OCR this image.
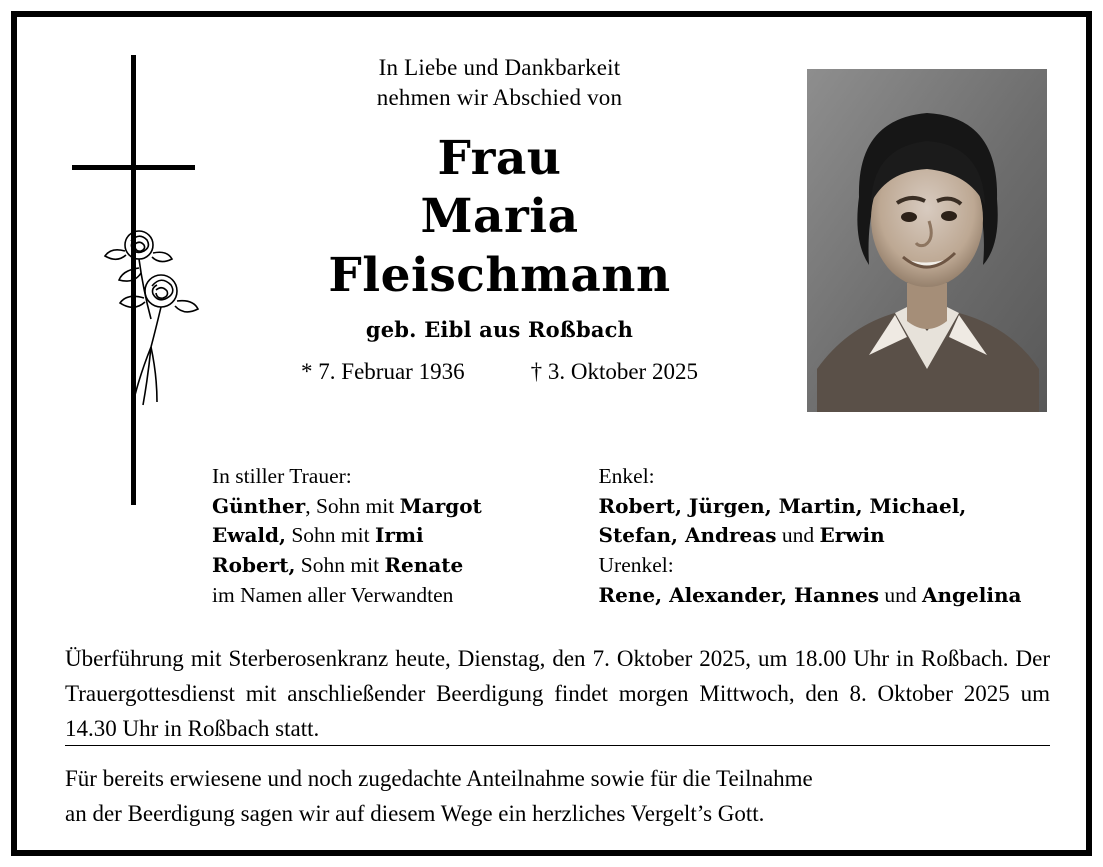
In Liebe und Dankbarkeit
nehmen wir Abschied von
Frau
Maria
Fleischmann
geb. Eibl aus Roßbach
* 7. Februar 1936	† 3. Oktober 2025
In stiller Trauer:
Günther, Sohn mit Margot
Ewald, Sohn mit Irmi
Robert, Sohn mit Renate
im Namen aller Verwandten
Enkel:
Robert, Jürgen, Martin, Michael,
Stefan, Andreas und Erwin
Urenkel:
Rene, Alexander, Hannes und Angelina
Überführung mit Sterberosenkranz heute, Dienstag, den 7. Oktober 2025, um 18.00 Uhr in Roßbach. Der Trauergottesdienst mit anschließender Beerdigung findet morgen Mittwoch, den 8. Oktober 2025 um 14.30 Uhr in Roßbach statt.
Für bereits erwiesene und noch zugedachte Anteilnahme sowie für die Teilnahme
an der Beerdigung sagen wir auf diesem Wege ein herzliches Vergelt’s Gott.
